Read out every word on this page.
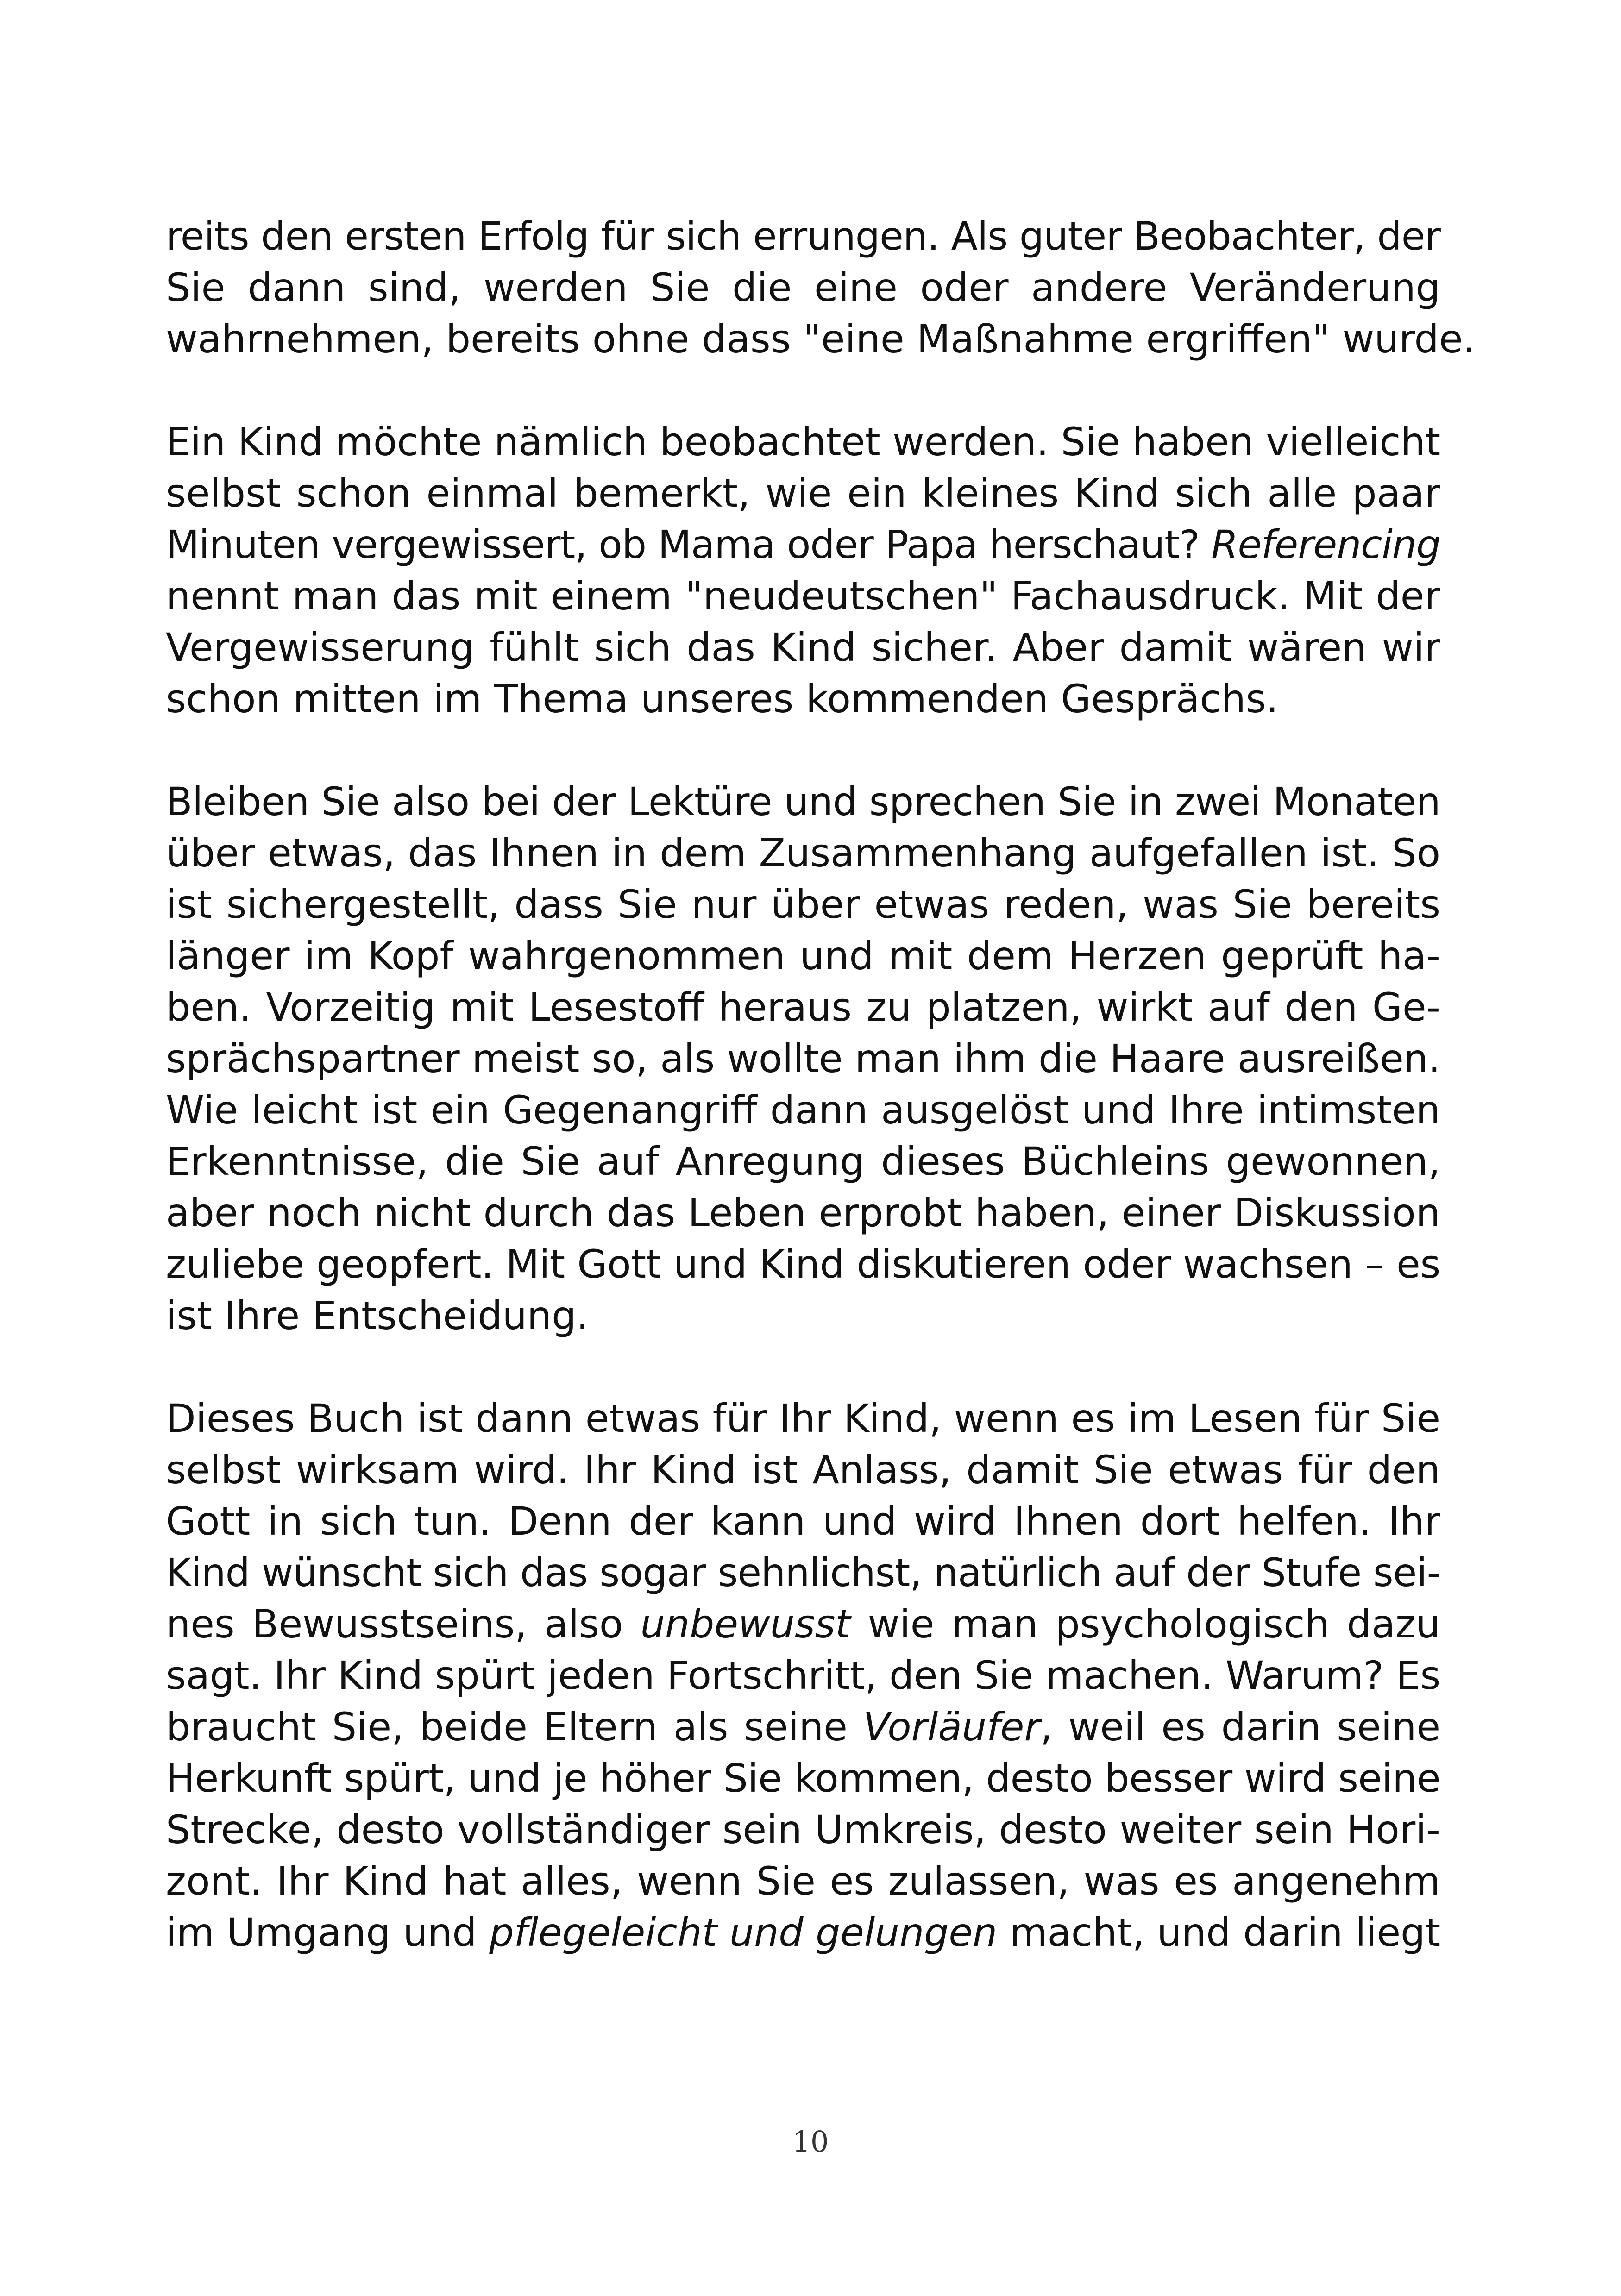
reits den ersten Erfolg für sich errungen. Als guter Beobachter, der
Sie dann sind, werden Sie die eine oder andere Veränderung
wahrnehmen, bereits ohne dass "eine Maßnahme ergriffen" wurde.
Ein Kind möchte nämlich beobachtet werden. Sie haben vielleicht
selbst schon einmal bemerkt, wie ein kleines Kind sich alle paar
Minuten vergewissert, ob Mama oder Papa herschaut? Referencing
nennt man das mit einem "neudeutschen" Fachausdruck. Mit der
Vergewisserung fühlt sich das Kind sicher. Aber damit wären wir
schon mitten im Thema unseres kommenden Gesprächs.
Bleiben Sie also bei der Lektüre und sprechen Sie in zwei Monaten
über etwas, das Ihnen in dem Zusammenhang aufgefallen ist. So
ist sichergestellt, dass Sie nur über etwas reden, was Sie bereits
länger im Kopf wahrgenommen und mit dem Herzen geprüft ha-
ben. Vorzeitig mit Lesestoff heraus zu platzen, wirkt auf den Ge-
sprächspartner meist so, als wollte man ihm die Haare ausreißen.
Wie leicht ist ein Gegenangriff dann ausgelöst und Ihre intimsten
Erkenntnisse, die Sie auf Anregung dieses Büchleins gewonnen,
aber noch nicht durch das Leben erprobt haben, einer Diskussion
zuliebe geopfert. Mit Gott und Kind diskutieren oder wachsen – es
ist Ihre Entscheidung.
Dieses Buch ist dann etwas für Ihr Kind, wenn es im Lesen für Sie
selbst wirksam wird. Ihr Kind ist Anlass, damit Sie etwas für den
Gott in sich tun. Denn der kann und wird Ihnen dort helfen. Ihr
Kind wünscht sich das sogar sehnlichst, natürlich auf der Stufe sei-
nes Bewusstseins, also unbewusst wie man psychologisch dazu
sagt. Ihr Kind spürt jeden Fortschritt, den Sie machen. Warum? Es
braucht Sie, beide Eltern als seine Vorläufer, weil es darin seine
Herkunft spürt, und je höher Sie kommen, desto besser wird seine
Strecke, desto vollständiger sein Umkreis, desto weiter sein Hori-
zont. Ihr Kind hat alles, wenn Sie es zulassen, was es angenehm
im Umgang und pflegeleicht und gelungen macht, und darin liegt
10
